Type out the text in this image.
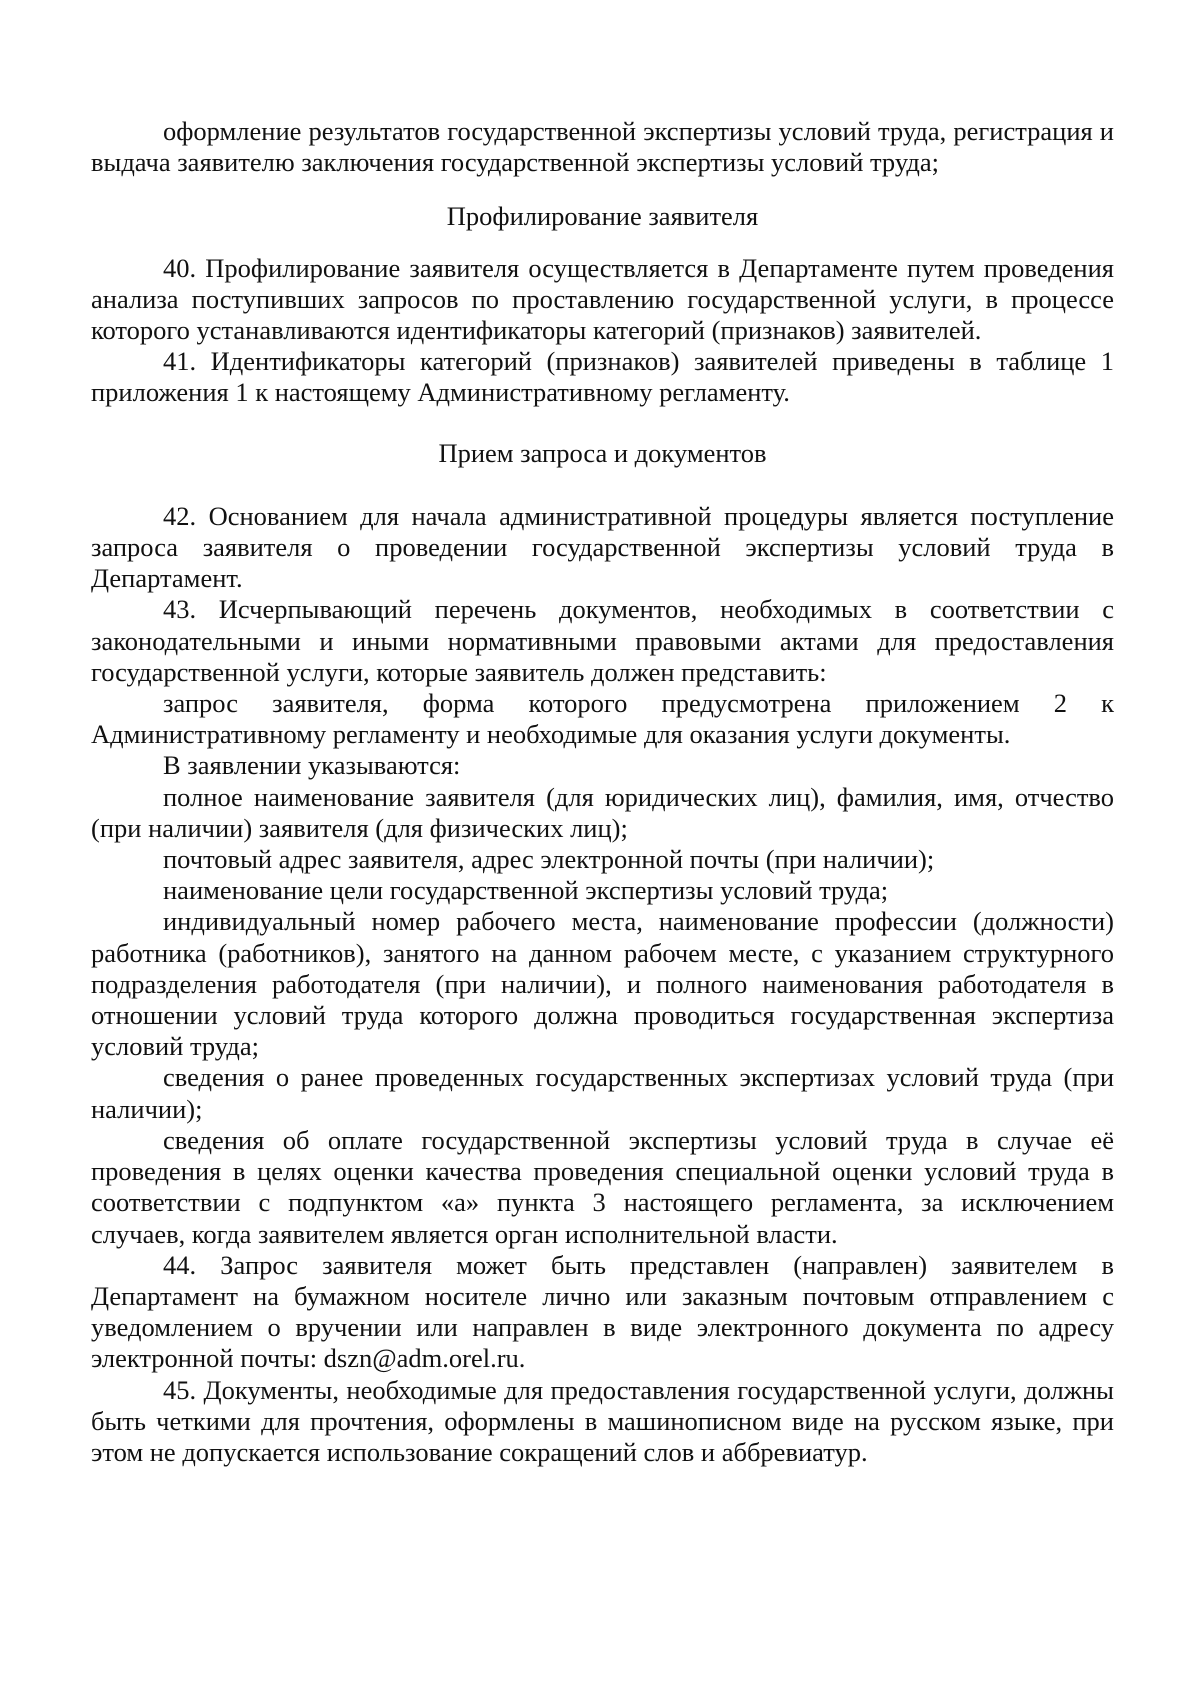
оформление результатов государственной экспертизы условий труда, регистрация и выдача заявителю заключения государственной экспертизы условий труда;

Профилирование заявителя

40. Профилирование заявителя осуществляется в Департаменте путем проведения анализа поступивших запросов по проставлению государственной услуги, в процессе которого устанавливаются идентификаторы категорий (признаков) заявителей.

41. Идентификаторы категорий (признаков) заявителей приведены в таблице 1 приложения 1 к настоящему Административному регламенту.

Прием запроса и документов

42. Основанием для начала административной процедуры является поступление запроса заявителя о проведении государственной экспертизы условий труда в Департамент.

43. Исчерпывающий перечень документов, необходимых в соответствии с законодательными и иными нормативными правовыми актами для предоставления государственной услуги, которые заявитель должен представить:

запрос заявителя, форма которого предусмотрена приложением 2 к Административному регламенту и необходимые для оказания услуги документы.

В заявлении указываются:

полное наименование заявителя (для юридических лиц), фамилия, имя, отчество (при наличии) заявителя (для физических лиц);

почтовый адрес заявителя, адрес электронной почты (при наличии);

наименование цели государственной экспертизы условий труда;

индивидуальный номер рабочего места, наименование профессии (должности) работника (работников), занятого на данном рабочем месте, с указанием структурного подразделения работодателя (при наличии), и полного наименования работодателя в отношении условий труда которого должна проводиться государственная экспертиза условий труда;

сведения о ранее проведенных государственных экспертизах условий труда (при наличии);

сведения об оплате государственной экспертизы условий труда в случае её проведения в целях оценки качества проведения специальной оценки условий труда в соответствии с подпунктом «а» пункта 3 настоящего регламента, за исключением случаев, когда заявителем является орган исполнительной власти.

44. Запрос заявителя может быть представлен (направлен) заявителем в Департамент на бумажном носителе лично или заказным почтовым отправлением с уведомлением о вручении или направлен в виде электронного документа по адресу электронной почты: dszn@adm.orel.ru.

45. Документы, необходимые для предоставления государственной услуги, должны быть четкими для прочтения, оформлены в машинописном виде на русском языке, при этом не допускается использование сокращений слов и аббревиатур.
